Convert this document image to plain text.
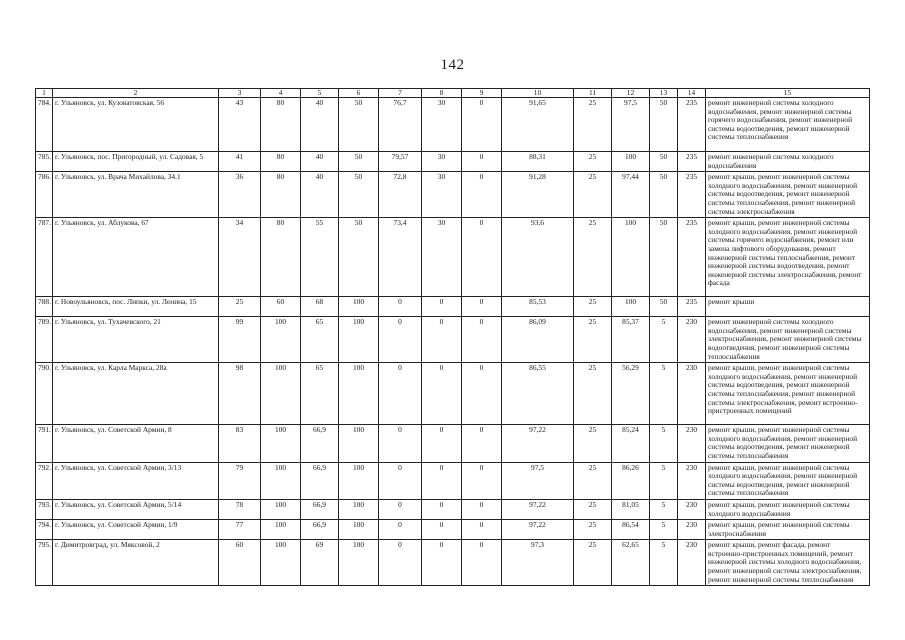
142
1	2	3	4	5	6	7	8	9	10	11	12	13	14	15
784.	г. Ульяновск, ул. Кузоватовская, 56	43	80	40	50	76,7	30	0	91,65	25	97,5	50	235	ремонт инженерной системы холодного водоснабжения, ремонт инженерной системы горячего водоснабжения, ремонт инженерной системы водоотведения, ремонт инженерной системы теплоснабжения
785.	г. Ульяновск, пос. Пригородный, ул. Садовая, 5	41	80	40	50	79,57	30	0	88,31	25	100	50	235	ремонт инженерной системы холодного водоснабжения
786.	г. Ульяновск, ул. Врача Михайлова, 34.1	36	80	40	50	72,8	30	0	91,28	25	97,44	50	235	ремонт крыши, ремонт инженерной системы холодного водоснабжения, ремонт инженерной системы водоотведения, ремонт инженерной системы теплоснабжения, ремонт инженерной системы электроснабжения
787.	г. Ульяновск, ул. Аблукова, 67	34	80	55	50	73,4	30	0	93,6	25	100	50	235	ремонт крыши, ремонт инженерной системы холодного водоснабжения, ремонт инженерной системы горячего водоснабжения, ремонт или замена лифтового оборудования, ремонт инженерной системы теплоснабжения, ремонт инженерной системы водоотведения, ремонт инженерной системы электроснабжения, ремонт фасада
788.	г. Новоульяновск, пос. Липки, ул. Ленина, 15	25	60	68	100	0	0	0	85,53	25	100	50	235	ремонт крыши
789.	г. Ульяновск, ул. Тухачевского, 21	99	100	65	100	0	0	0	86,09	25	85,37	5	230	ремонт инженерной системы холодного водоснабжения, ремонт инженерной системы электроснабжения, ремонт инженерной системы водоотведения, ремонт инженерной системы теплоснабжения
790.	г. Ульяновск, ул. Карла Маркса, 28а	98	100	65	100	0	0	0	86,55	25	56,29	5	230	ремонт крыши, ремонт инженерной системы холодного водоснабжения, ремонт инженерной системы водоотведения, ремонт инженерной системы теплоснабжения, ремонт инженерной системы электроснабжения, ремонт встроенно-пристроенных помещений
791.	г. Ульяновск, ул. Советской Армии, 8	83	100	66,9	100	0	0	0	97,22	25	85,24	5	230	ремонт крыши, ремонт инженерной системы холодного водоснабжения, ремонт инженерной системы водоотведения, ремонт инженерной системы теплоснабжения
792.	г. Ульяновск, ул. Советской Армии, 3/13	79	100	66,9	100	0	0	0	97,5	25	86,26	5	230	ремонт крыши, ремонт инженерной системы холодного водоснабжения, ремонт инженерной системы водоотведения, ремонт инженерной системы теплоснабжения
793.	г. Ульяновск, ул. Советской Армии, 5/14	78	100	66,9	100	0	0	0	97,22	25	81,05	5	230	ремонт крыши, ремонт инженерной системы холодного водоснабжения
794.	г. Ульяновск, ул. Советской Армии, 1/9	77	100	66,9	100	0	0	0	97,22	25	86,54	5	230	ремонт крыши, ремонт инженерной системы электроснабжения
795.	г. Димитровград, ул. Мяксовой, 2	60	100	69	100	0	0	0	97,3	25	62,65	5	230	ремонт крыши, ремонт фасада, ремонт встроенно-пристроенных помещений, ремонт инженерной системы холодного водоснабжения, ремонт инженерной системы электроснабжения, ремонт инженерной системы теплоснабжения
